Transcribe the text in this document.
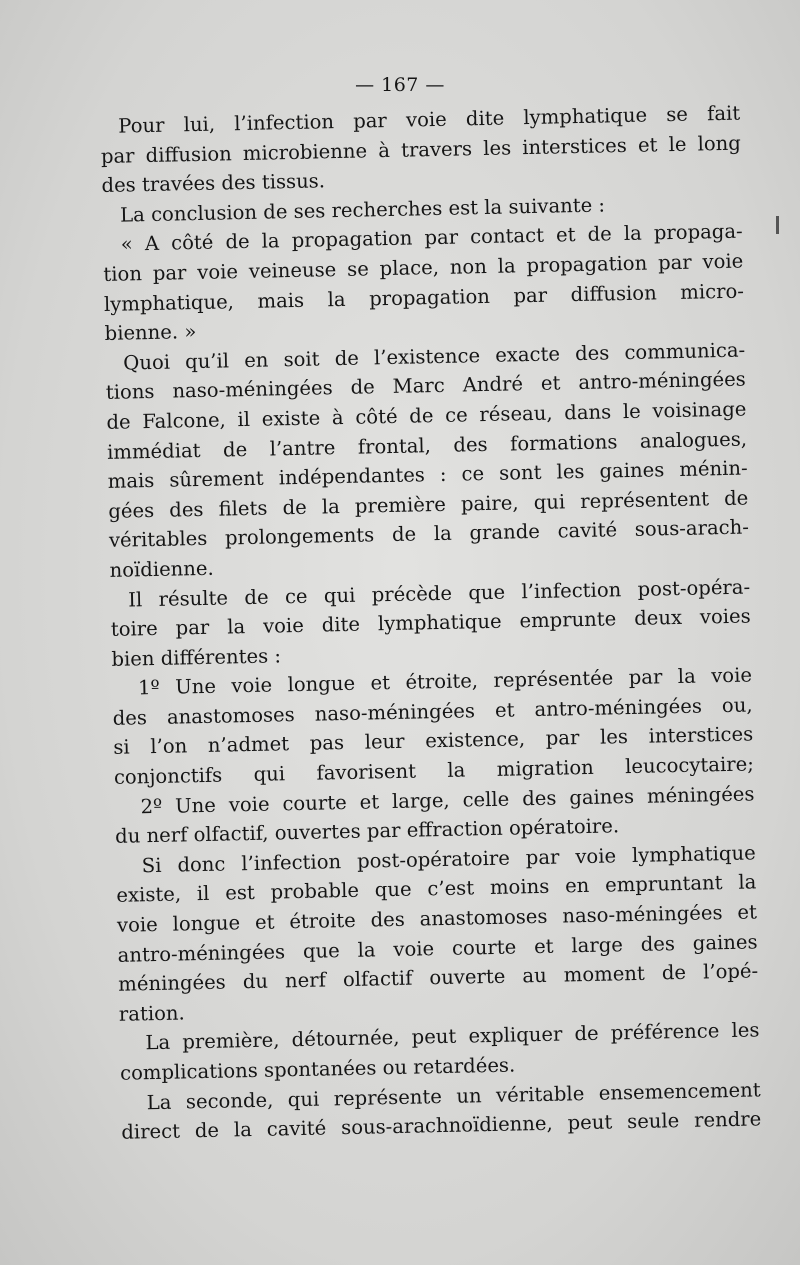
— 167 —
Pour lui, l’infection par voie dite lymphatique se fait
par diffusion microbienne à travers les interstices et le long
des travées des tissus.
La conclusion de ses recherches est la suivante :
« A côté de la propagation par contact et de la propaga-
tion par voie veineuse se place, non la propagation par voie
lymphatique, mais la propagation par diffusion micro-
bienne. »
Quoi qu’il en soit de l’existence exacte des communica-
tions naso-méningées de Marc André et antro-méningées
de Falcone, il existe à côté de ce réseau, dans le voisinage
immédiat de l’antre frontal, des formations analogues,
mais sûrement indépendantes : ce sont les gaines ménin-
gées des filets de la première paire, qui représentent de
véritables prolongements de la grande cavité sous-arach-
noïdienne.
Il résulte de ce qui précède que l’infection post-opéra-
toire par la voie dite lymphatique emprunte deux voies
bien différentes :
1º Une voie longue et étroite, représentée par la voie
des anastomoses naso-méningées et antro-méningées ou,
si l’on n’admet pas leur existence, par les interstices
conjonctifs qui favorisent la migration leucocytaire;
2º Une voie courte et large, celle des gaines méningées
du nerf olfactif, ouvertes par effraction opératoire.
Si donc l’infection post-opératoire par voie lymphatique
existe, il est probable que c’est moins en empruntant la
voie longue et étroite des anastomoses naso-méningées et
antro-méningées que la voie courte et large des gaines
méningées du nerf olfactif ouverte au moment de l’opé-
ration.
La première, détournée, peut expliquer de préférence les
complications spontanées ou retardées.
La seconde, qui représente un véritable ensemencement
direct de la cavité sous-arachnoïdienne, peut seule rendre
